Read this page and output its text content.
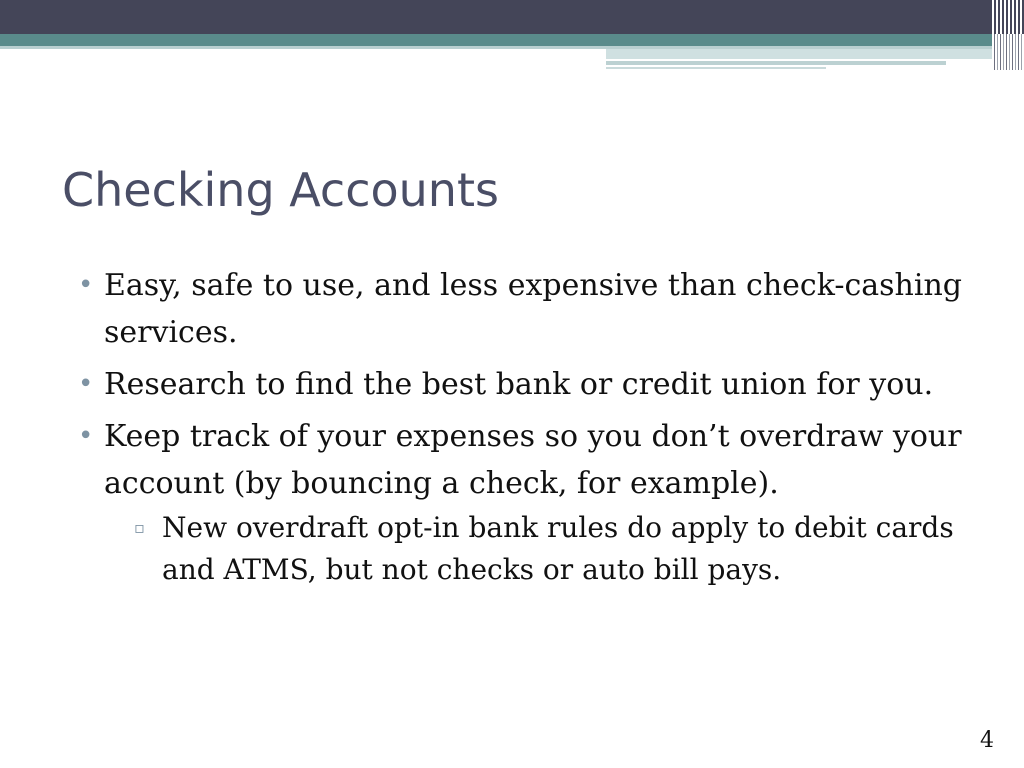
Checking Accounts
• Easy, safe to use, and less expensive than check-cashing services.
• Research to find the best bank or credit union for you.
• Keep track of your expenses so you don’t overdraw your account (by bouncing a check, for example).
▫ New overdraft opt-in bank rules do apply to debit cards and ATMS, but not checks or auto bill pays.
4
